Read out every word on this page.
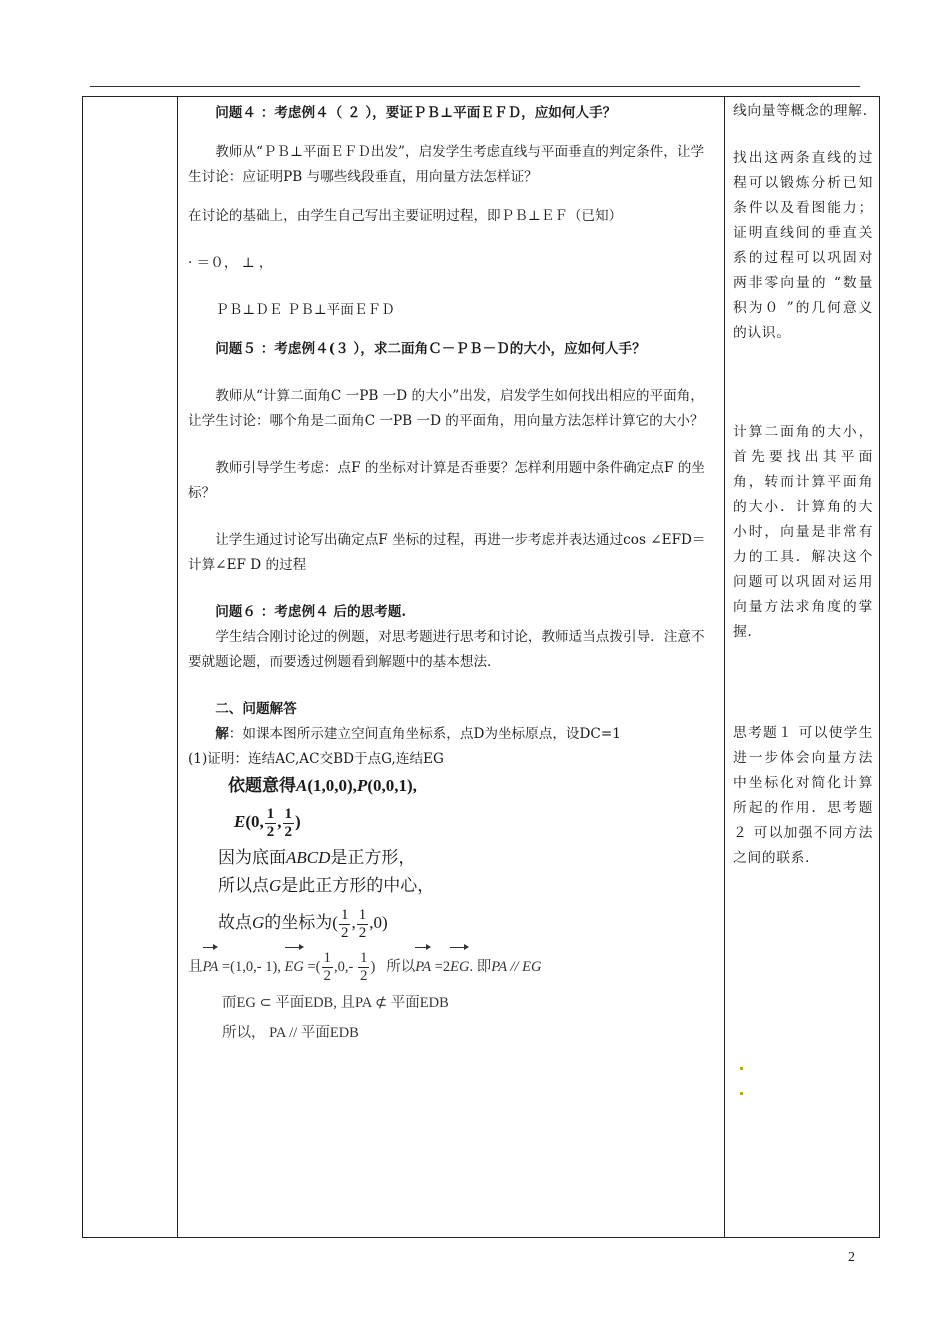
问题４ ：考虑例４（ ２ ），要证ＰＢ⊥平面ＥＦＤ，应如何人手？

教师从“ＰＢ⊥平面ＥＦＤ出发”，启发学生考虑直线与平面垂直的判定条件，让学生讨论：应证明PB 与哪些线段垂直，用向量方法怎样证？

在讨论的基础上，由学生自己写出主要证明过程，即ＰＢ⊥ＥＦ（已知）

· ＝０， ⊥ ，

ＰＢ⊥ＤＥ ＰＢ⊥平面ＥＦＤ

问题５ ：考虑例４(３ ），求二面角Ｃ－ＰＢ－Ｄ的大小，应如何人手？

教师从“计算二面角C 一PB 一D 的大小”出发，启发学生如何找出相应的平面角，让学生讨论：哪个角是二面角C 一PB 一D 的平面角，用向量方法怎样计算它的大小？

教师引导学生考虑：点F 的坐标对计算是否垂要？怎样利用题中条件确定点F 的坐标？

让学生通过讨论写出确定点F 坐标的过程，再进一步考虑并表达通过cos ∠EFD＝ 计算∠EF D 的过程

问题６ ：考虑例４ 后的思考题.

学生结合刚讨论过的例题，对思考题进行思考和讨论，教师适当点拨引导．注意不要就题论题，而要透过例题看到解题中的基本想法.

二、问题解答

解：如课本图所示建立空间直角坐标系，点D为坐标原点，设DC=1

(1)证明：连结AC,AC交BD于点G,连结EG

依题意得A(1,0,0),P(0,0,1),

E(0, $\frac{1}{2}$ , $\frac{1}{2}$ )

因为底面ABCD是正方形，

所以点G是此正方形的中心，

故点G的坐标为( $\frac{1}{2}$ , $\frac{1}{2} ,0$)

且PA =(1,0,- 1), EG =( $\frac{1}{2} ,0,- \frac{1}{2}$ ) 所以PA =2EG. 即PA // EG

而EG ⊂ 平面EDB, 且PA ⊄ 平面EDB

所以， PA // 平面EDB

线向量等概念的理解.

找出这两条直线的过程可以锻炼分析已知条件以及看图能力；证明直线间的垂直关系的过程可以巩固对两非零向量的 “数量积为０ ”的几何意义的认识。

计算二面角的大小，首先要找出其平面角，转而计算平面角的大小．计算角的大小时，向量是非常有力的工具．解决这个问题可以巩固对运用向量方法求角度的掌握.

思考题１ 可以使学生进一步体会向量方法中坐标化对简化计算所起的作用．思考题２ 可以加强不同方法之间的联系.

2
